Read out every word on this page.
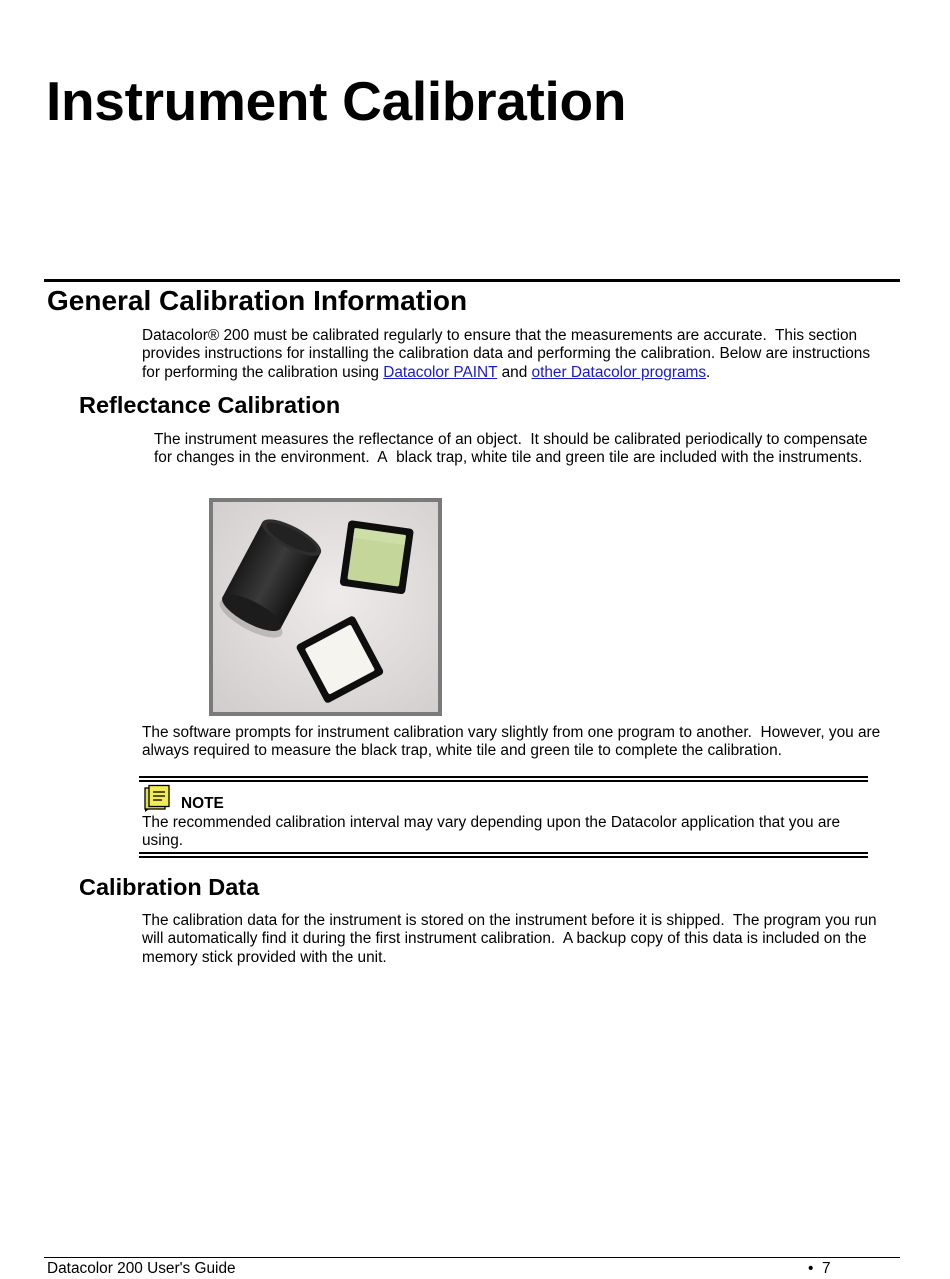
Instrument Calibration
General Calibration Information

Datacolor® 200 must be calibrated regularly to ensure that the measurements are accurate.  This section provides instructions for installing the calibration data and performing the calibration. Below are instructions for performing the calibration using Datacolor PAINT and other Datacolor programs.

Reflectance Calibration

The instrument measures the reflectance of an object.  It should be calibrated periodically to compensate for changes in the environment.  A  black trap, white tile and green tile are included with the instruments.

The software prompts for instrument calibration vary slightly from one program to another.  However, you are always required to measure the black trap, white tile and green tile to complete the calibration.

NOTE

The recommended calibration interval may vary depending upon the Datacolor application that you are using.

Calibration Data

The calibration data for the instrument is stored on the instrument before it is shipped.  The program you run will automatically find it during the first instrument calibration.  A backup copy of this data is included on the memory stick provided with the unit.

Datacolor 200 User's Guide	•  7
